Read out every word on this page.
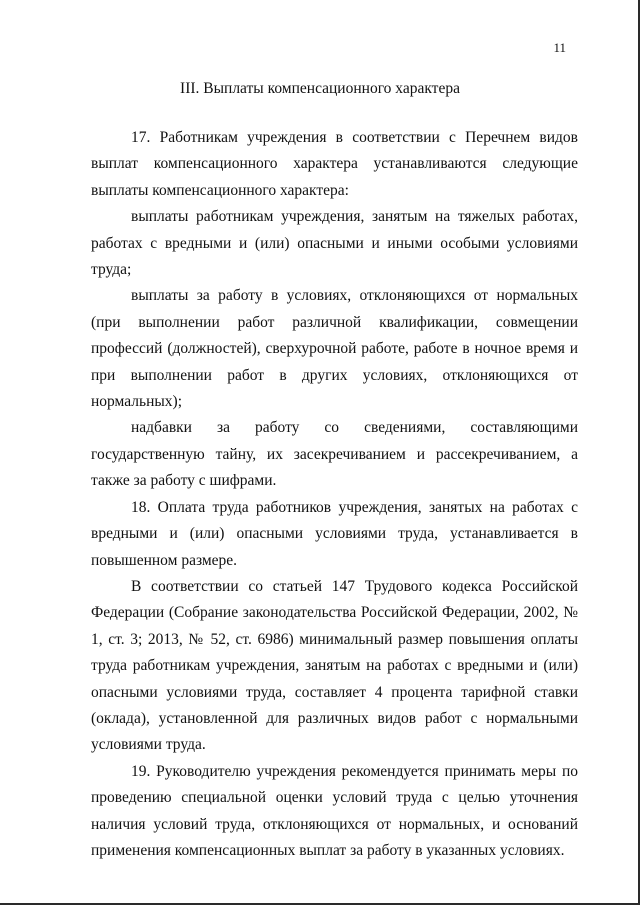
11
III. Выплаты компенсационного характера

17. Работникам учреждения в соответствии с Перечнем видов выплат компенсационного характера устанавливаются следующие выплаты компенсационного характера:

выплаты работникам учреждения, занятым на тяжелых работах, работах с вредными и (или) опасными и иными особыми условиями труда;

выплаты за работу в условиях, отклоняющихся от нормальных (при выполнении работ различной квалификации, совмещении профессий (должностей), сверхурочной работе, работе в ночное время и при выполнении работ в других условиях, отклоняющихся от нормальных);

надбавки за работу со сведениями, составляющими государственную тайну, их засекречиванием и рассекречиванием, а также за работу с шифрами.

18. Оплата труда работников учреждения, занятых на работах с вредными и (или) опасными условиями труда, устанавливается в повышенном размере.

В соответствии со статьей 147 Трудового кодекса Российской Федерации (Собрание законодательства Российской Федерации, 2002, № 1, ст. 3; 2013, № 52, ст. 6986) минимальный размер повышения оплаты труда работникам учреждения, занятым на работах с вредными и (или) опасными условиями труда, составляет 4 процента тарифной ставки (оклада), установленной для различных видов работ с нормальными условиями труда.

19. Руководителю учреждения рекомендуется принимать меры по проведению специальной оценки условий труда с целью уточнения наличия условий труда, отклоняющихся от нормальных, и оснований применения компенсационных выплат за работу в указанных условиях.
